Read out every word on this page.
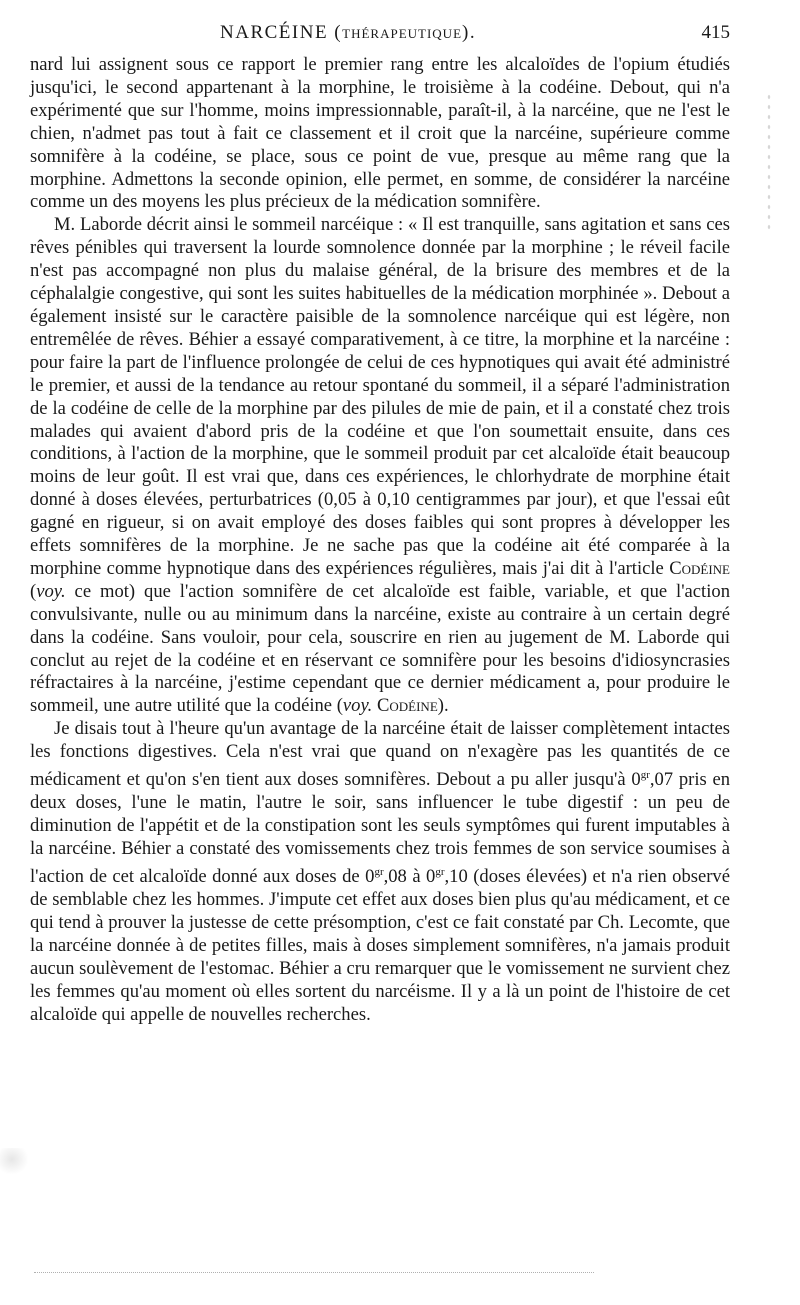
NARCÉINE (THÉRAPEUTIQUE).	415

nard lui assignent sous ce rapport le premier rang entre les alcaloïdes de l'opium étudiés jusqu'ici, le second appartenant à la morphine, le troisième à la codéine. Debout, qui n'a expérimenté que sur l'homme, moins impressionnable, paraît-il, à la narcéine, que ne l'est le chien, n'admet pas tout à fait ce classement et il croit que la narcéine, supérieure comme somnifère à la codéine, se place, sous ce point de vue, presque au même rang que la morphine. Admettons la seconde opinion, elle permet, en somme, de considérer la narcéine comme un des moyens les plus précieux de la médication somnifère.

M. Laborde décrit ainsi le sommeil narcéique : « Il est tranquille, sans agitation et sans ces rêves pénibles qui traversent la lourde somnolence donnée par la morphine ; le réveil facile n'est pas accompagné non plus du malaise général, de la brisure des membres et de la céphalalgie congestive, qui sont les suites habituelles de la médication morphinée ». Debout a également insisté sur le caractère paisible de la somnolence narcéique qui est légère, non entremêlée de rêves. Béhier a essayé comparativement, à ce titre, la morphine et la narcéine : pour faire la part de l'influence prolongée de celui de ces hypnotiques qui avait été administré le premier, et aussi de la tendance au retour spontané du sommeil, il a séparé l'administration de la codéine de celle de la morphine par des pilules de mie de pain, et il a constaté chez trois malades qui avaient d'abord pris de la codéine et que l'on soumettait ensuite, dans ces conditions, à l'action de la morphine, que le sommeil produit par cet alcaloïde était beaucoup moins de leur goût. Il est vrai que, dans ces expériences, le chlorhydrate de morphine était donné à doses élevées, perturbatrices (0,05 à 0,10 centigrammes par jour), et que l'essai eût gagné en rigueur, si on avait employé des doses faibles qui sont propres à développer les effets somnifères de la morphine. Je ne sache pas que la codéine ait été comparée à la morphine comme hypnotique dans des expériences régulières, mais j'ai dit à l'article Codéine (voy. ce mot) que l'action somnifère de cet alcaloïde est faible, variable, et que l'action convulsivante, nulle ou au minimum dans la narcéine, existe au contraire à un certain degré dans la codéine. Sans vouloir, pour cela, souscrire en rien au jugement de M. Laborde qui conclut au rejet de la codéine et en réservant ce somnifère pour les besoins d'idiosyncrasies réfractaires à la narcéine, j'estime cependant que ce dernier médicament a, pour produire le sommeil, une autre utilité que la codéine (voy. Codéine).

Je disais tout à l'heure qu'un avantage de la narcéine était de laisser complètement intactes les fonctions digestives. Cela n'est vrai que quand on n'exagère pas les quantités de ce médicament et qu'on s'en tient aux doses somnifères. Debout a pu aller jusqu'à $0^{gr},07$ pris en deux doses, l'une le matin, l'autre le soir, sans influencer le tube digestif : un peu de diminution de l'appétit et de la constipation sont les seuls symptômes qui furent imputables à la narcéine. Béhier a constaté des vomissements chez trois femmes de son service soumises à l'action de cet alcaloïde donné aux doses de $0^{gr},08$ à $0^{gr},10$ (doses élevées) et n'a rien observé de semblable chez les hommes. J'impute cet effet aux doses bien plus qu'au médicament, et ce qui tend à prouver la justesse de cette présomption, c'est ce fait constaté par Ch. Lecomte, que la narcéine donnée à de petites filles, mais à doses simplement somnifères, n'a jamais produit aucun soulèvement de l'estomac. Béhier a cru remarquer que le vomissement ne survient chez les femmes qu'au moment où elles sortent du narcéisme. Il y a là un point de l'histoire de cet alcaloïde qui appelle de nouvelles recherches.
